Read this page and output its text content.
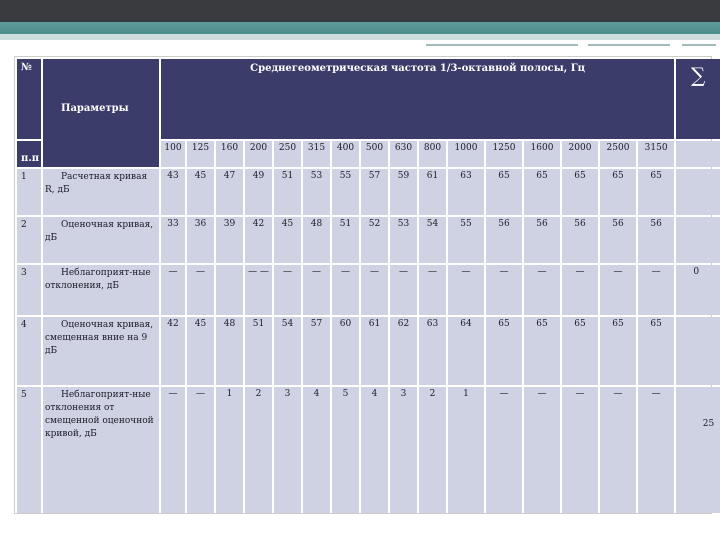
№	Параметры	Среднегеометрическая частота 1/3-октавной полосы, Гц																∑
п.п		100	125	160	200	250	315	400	500	630	800	1000	1250	1600	2000	2500	3150	
1	Расчетная кривая R, дБ	43	45	47	49	51	53	55	57	59	61	63	65	65	65	65	65	
2	Оценочная кривая, дБ	33	36	39	42	45	48	51	52	53	54	55	56	56	56	56	56	
3	Неблагоприят-ные отклонения, дБ	—	—		— —	—	—	—	—	—	—	—	—	—	—	—	—	0
4	Оценочная кривая, смещенная вние на 9 дБ	42	45	48	51	54	57	60	61	62	63	64	65	65	65	65	65	
5	Неблагоприят-ные отклонения от смещенной оценочной кривой, дБ	—	—	1	2	3	4	5	4	3	2	1	—	—	—	—	—	25
